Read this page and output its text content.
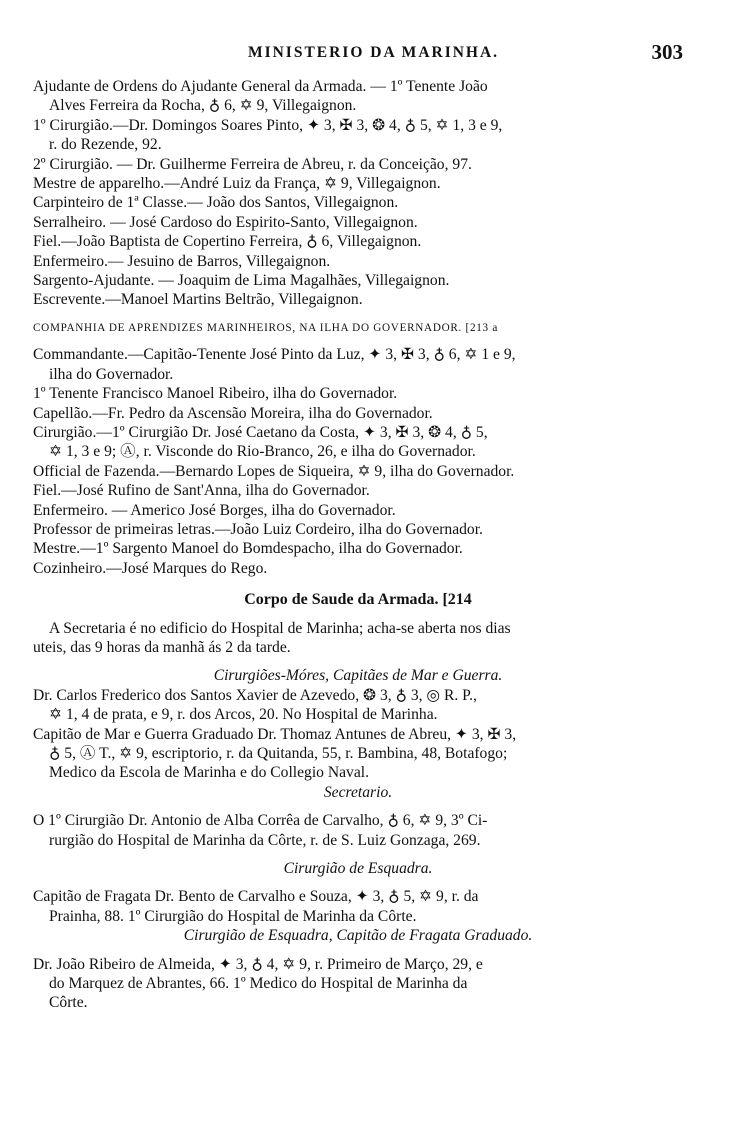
MINISTERIO DA MARINHA.	303

Ajudante de Ordens do Ajudante General da Armada. — 1º Tenente João

Alves Ferreira da Rocha, ♁ 6, ✡ 9, Villegaignon.

1º Cirurgião.—Dr. Domingos Soares Pinto, ✦ 3, ✠ 3, ❂ 4, ♁ 5, ✡ 1, 3 e 9,

r. do Rezende, 92.

2º Cirurgião. — Dr. Guilherme Ferreira de Abreu, r. da Conceição, 97.

Mestre de apparelho.—André Luiz da França, ✡ 9, Villegaignon.

Carpinteiro de 1ª Classe.— João dos Santos, Villegaignon.

Serralheiro. — José Cardoso do Espirito-Santo, Villegaignon.

Fiel.—João Baptista de Copertino Ferreira, ♁ 6, Villegaignon.

Enfermeiro.— Jesuino de Barros, Villegaignon.

Sargento-Ajudante. — Joaquim de Lima Magalhães, Villegaignon.

Escrevente.—Manoel Martins Beltrão, Villegaignon.

COMPANHIA DE APRENDIZES MARINHEIROS, NA ILHA DO GOVERNADOR. [213 a

Commandante.—Capitão-Tenente José Pinto da Luz, ✦ 3, ✠ 3, ♁ 6, ✡ 1 e 9,

ilha do Governador.

1º Tenente Francisco Manoel Ribeiro, ilha do Governador.

Capellão.—Fr. Pedro da Ascensão Moreira, ilha do Governador.

Cirurgião.—1º Cirurgião Dr. José Caetano da Costa, ✦ 3, ✠ 3, ❂ 4, ♁ 5,

✡ 1, 3 e 9; Ⓐ, r. Visconde do Rio-Branco, 26, e ilha do Governador.

Official de Fazenda.—Bernardo Lopes de Siqueira, ✡ 9, ilha do Governador.

Fiel.—José Rufino de Sant'Anna, ilha do Governador.

Enfermeiro. — Americo José Borges, ilha do Governador.

Professor de primeiras letras.—João Luiz Cordeiro, ilha do Governador.

Mestre.—1º Sargento Manoel do Bomdespacho, ilha do Governador.

Cozinheiro.—José Marques do Rego.

Corpo de Saude da Armada. [214

A Secretaria é no edificio do Hospital de Marinha; acha-se aberta nos dias

uteis, das 9 horas da manhã ás 2 da tarde.

Cirurgiões-Móres, Capitães de Mar e Guerra.

Dr. Carlos Frederico dos Santos Xavier de Azevedo, ❂ 3, ♁ 3, ◎ R. P.,

✡ 1, 4 de prata, e 9, r. dos Arcos, 20. No Hospital de Marinha.

Capitão de Mar e Guerra Graduado Dr. Thomaz Antunes de Abreu, ✦ 3, ✠ 3,

♁ 5, Ⓐ T., ✡ 9, escriptorio, r. da Quitanda, 55, r. Bambina, 48, Botafogo;

Medico da Escola de Marinha e do Collegio Naval.

Secretario.

O 1º Cirurgião Dr. Antonio de Alba Corrêa de Carvalho, ♁ 6, ✡ 9, 3º Ci-

rurgião do Hospital de Marinha da Côrte, r. de S. Luiz Gonzaga, 269.

Cirurgião de Esquadra.

Capitão de Fragata Dr. Bento de Carvalho e Souza, ✦ 3, ♁ 5, ✡ 9, r. da

Prainha, 88. 1º Cirurgião do Hospital de Marinha da Côrte.

Cirurgião de Esquadra, Capitão de Fragata Graduado.

Dr. João Ribeiro de Almeida, ✦ 3, ♁ 4, ✡ 9, r. Primeiro de Março, 29, e

do Marquez de Abrantes, 66. 1º Medico do Hospital de Marinha da

Côrte.
